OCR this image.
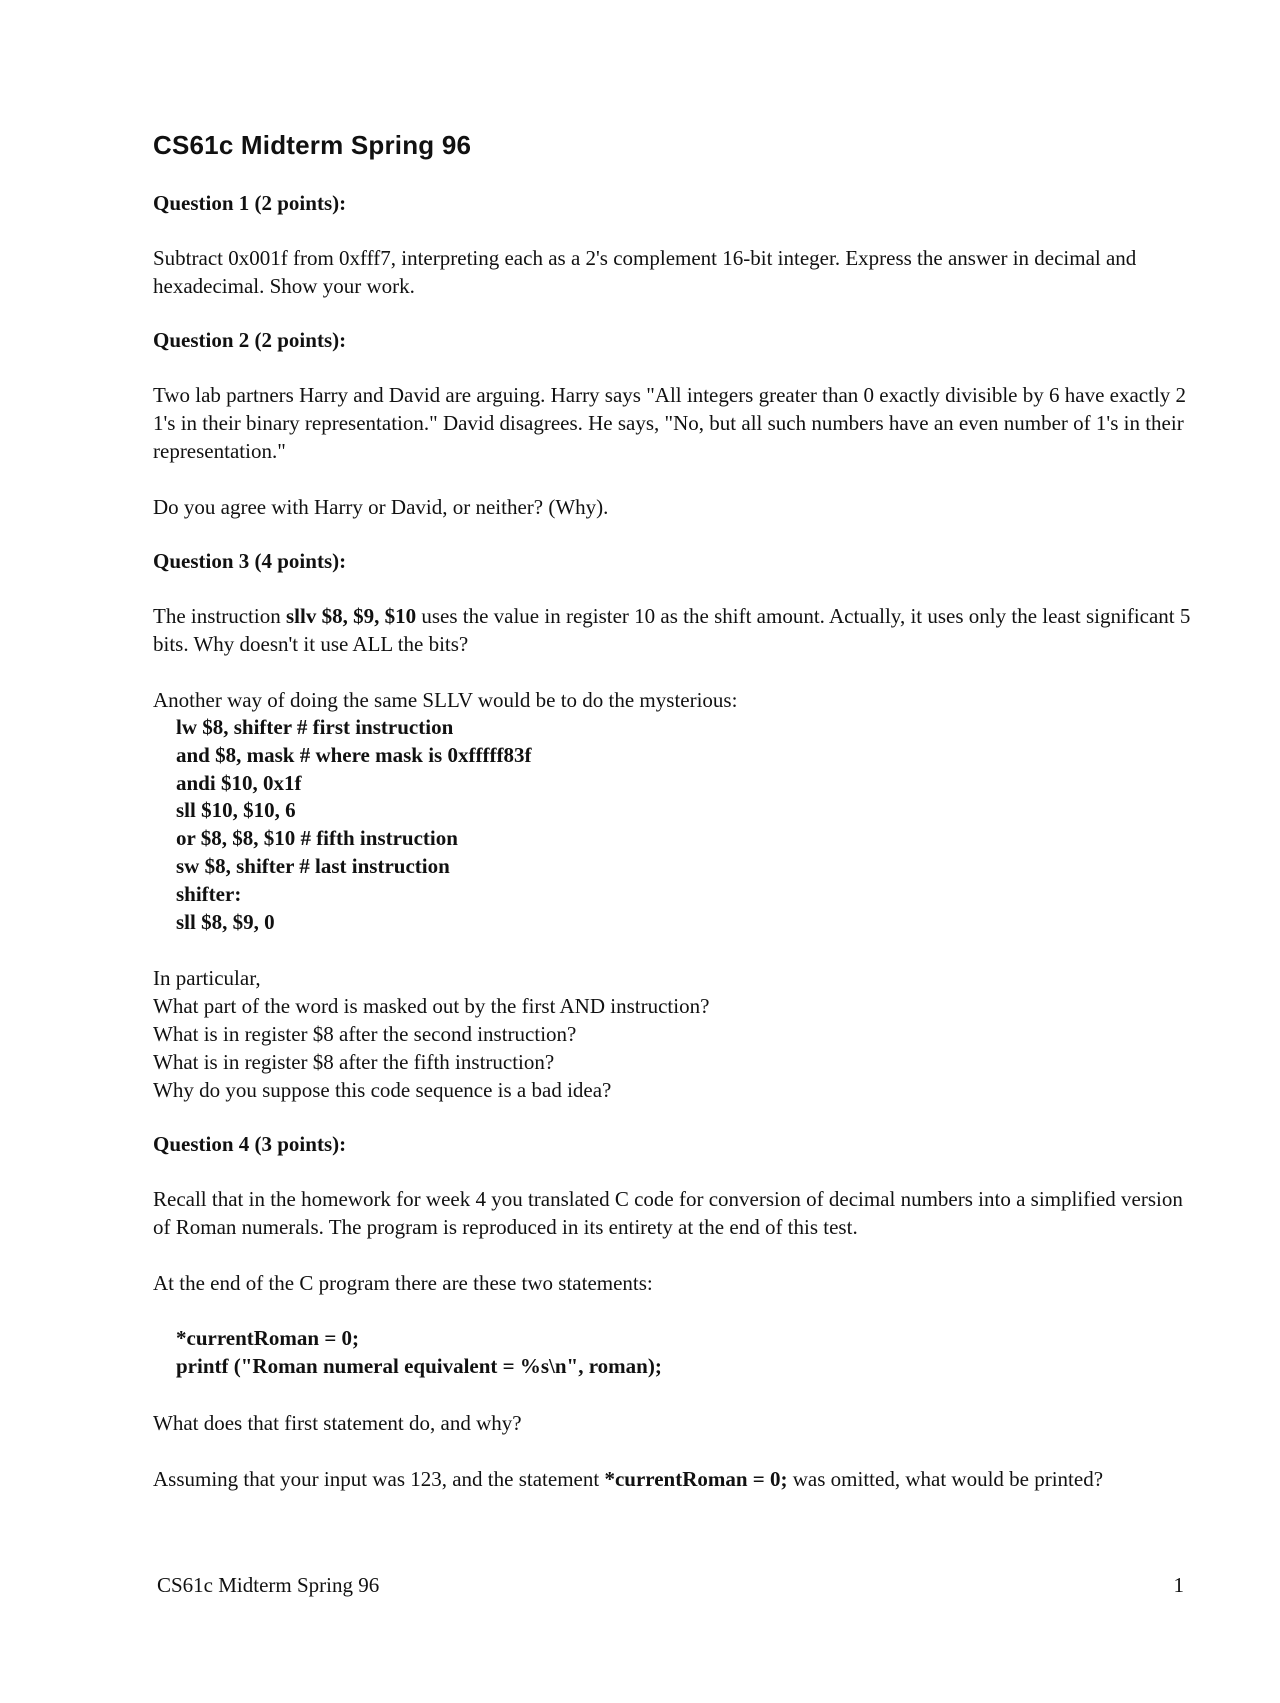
CS61c Midterm Spring 96
Question 1 (2 points):

Subtract 0x001f from 0xfff7, interpreting each as a 2's complement 16-bit integer. Express the answer in decimal and hexadecimal. Show your work.

Question 2 (2 points):

Two lab partners Harry and David are arguing. Harry says "All integers greater than 0 exactly divisible by 6 have exactly 2 1's in their binary representation." David disagrees. He says, "No, but all such numbers have an even number of 1's in their representation."

Do you agree with Harry or David, or neither? (Why).

Question 3 (4 points):

The instruction sllv $8, $9, $10 uses the value in register 10 as the shift amount. Actually, it uses only the least significant 5 bits. Why doesn't it use ALL the bits?

Another way of doing the same SLLV would be to do the mysterious:
lw $8, shifter # first instruction
and $8, mask # where mask is 0xfffff83f
andi $10, 0x1f
sll $10, $10, 6
or $8, $8, $10 # fifth instruction
sw $8, shifter # last instruction
shifter:
sll $8, $9, 0
In particular,
What part of the word is masked out by the first AND instruction?
What is in register $8 after the second instruction?
What is in register $8 after the fifth instruction?
Why do you suppose this code sequence is a bad idea?
Question 4 (3 points):

Recall that in the homework for week 4 you translated C code for conversion of decimal numbers into a simplified version of Roman numerals. The program is reproduced in its entirety at the end of this test.

At the end of the C program there are these two statements:

*currentRoman = 0;
printf ("Roman numeral equivalent = %s\n", roman);

What does that first statement do, and why?

Assuming that your input was 123, and the statement *currentRoman = 0; was omitted, what would be printed?

CS61c Midterm Spring 96	1
